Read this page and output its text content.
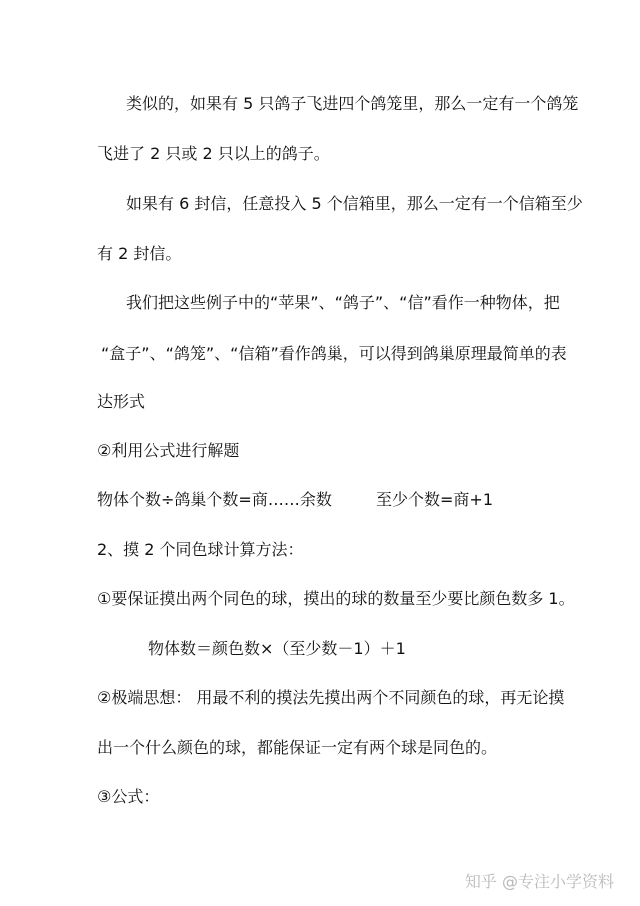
类似的，如果有 5 只鸽子飞进四个鸽笼里，那么一定有一个鸽笼
飞进了 2 只或 2 只以上的鸽子。
如果有 6 封信，任意投入 5 个信箱里，那么一定有一个信箱至少
有 2 封信。
我们把这些例子中的“苹果”、“鸽子”、“信”看作一种物体，把
“盒子”、“鸽笼”、“信箱”看作鸽巢，可以得到鸽巢原理最简单的表
达形式
②利用公式进行解题
物体个数÷鸽巢个数=商……余数	至少个数=商+1
2、摸 2 个同色球计算方法：
①要保证摸出两个同色的球，摸出的球的数量至少要比颜色数多 1。
物体数＝颜色数×（至少数－1）＋1
②极端思想： 用最不利的摸法先摸出两个不同颜色的球，再无论摸
出一个什么颜色的球，都能保证一定有两个球是同色的。
③公式：
知乎 @专注小学资料
